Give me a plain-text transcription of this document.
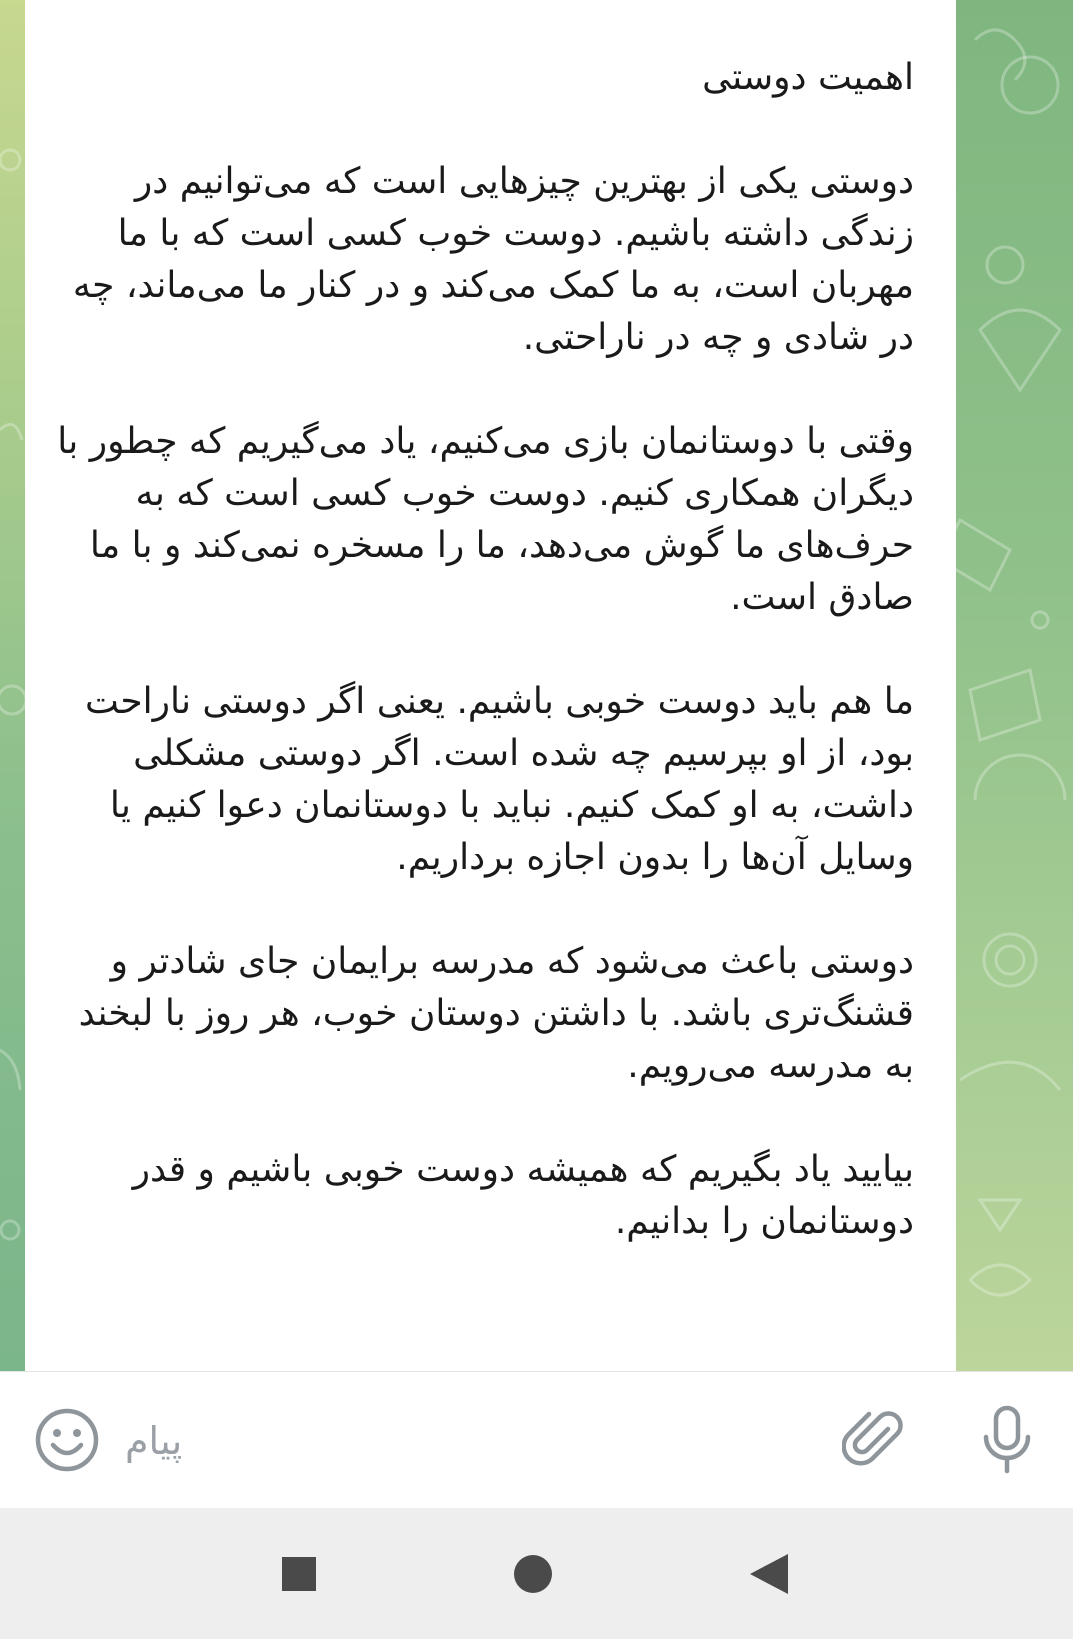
اهمیت دوستی

دوستی یکی از بهترین چیزهایی است که می‌توانیم در زندگی داشته باشیم. دوست خوب کسی است که با ما مهربان است، به ما کمک می‌کند و در کنار ما می‌ماند، چه در شادی و چه در ناراحتی.

وقتی با دوستانمان بازی می‌کنیم، یاد می‌گیریم که چطور با دیگران همکاری کنیم. دوست خوب کسی است که به حرف‌های ما گوش می‌دهد، ما را مسخره نمی‌کند و با ما صادق است.

ما هم باید دوست خوبی باشیم. یعنی اگر دوستی ناراحت بود، از او بپرسیم چه شده است. اگر دوستی مشکلی داشت، به او کمک کنیم. نباید با دوستانمان دعوا کنیم یا وسایل آن‌ها را بدون اجازه برداریم.

دوستی باعث می‌شود که مدرسه برایمان جای شادتر و قشنگ‌تری باشد. با داشتن دوستان خوب، هر روز با لبخند به مدرسه می‌رویم.

بیایید یاد بگیریم که همیشه دوست خوبی باشیم و قدر دوستانمان را بدانیم.

پیام
